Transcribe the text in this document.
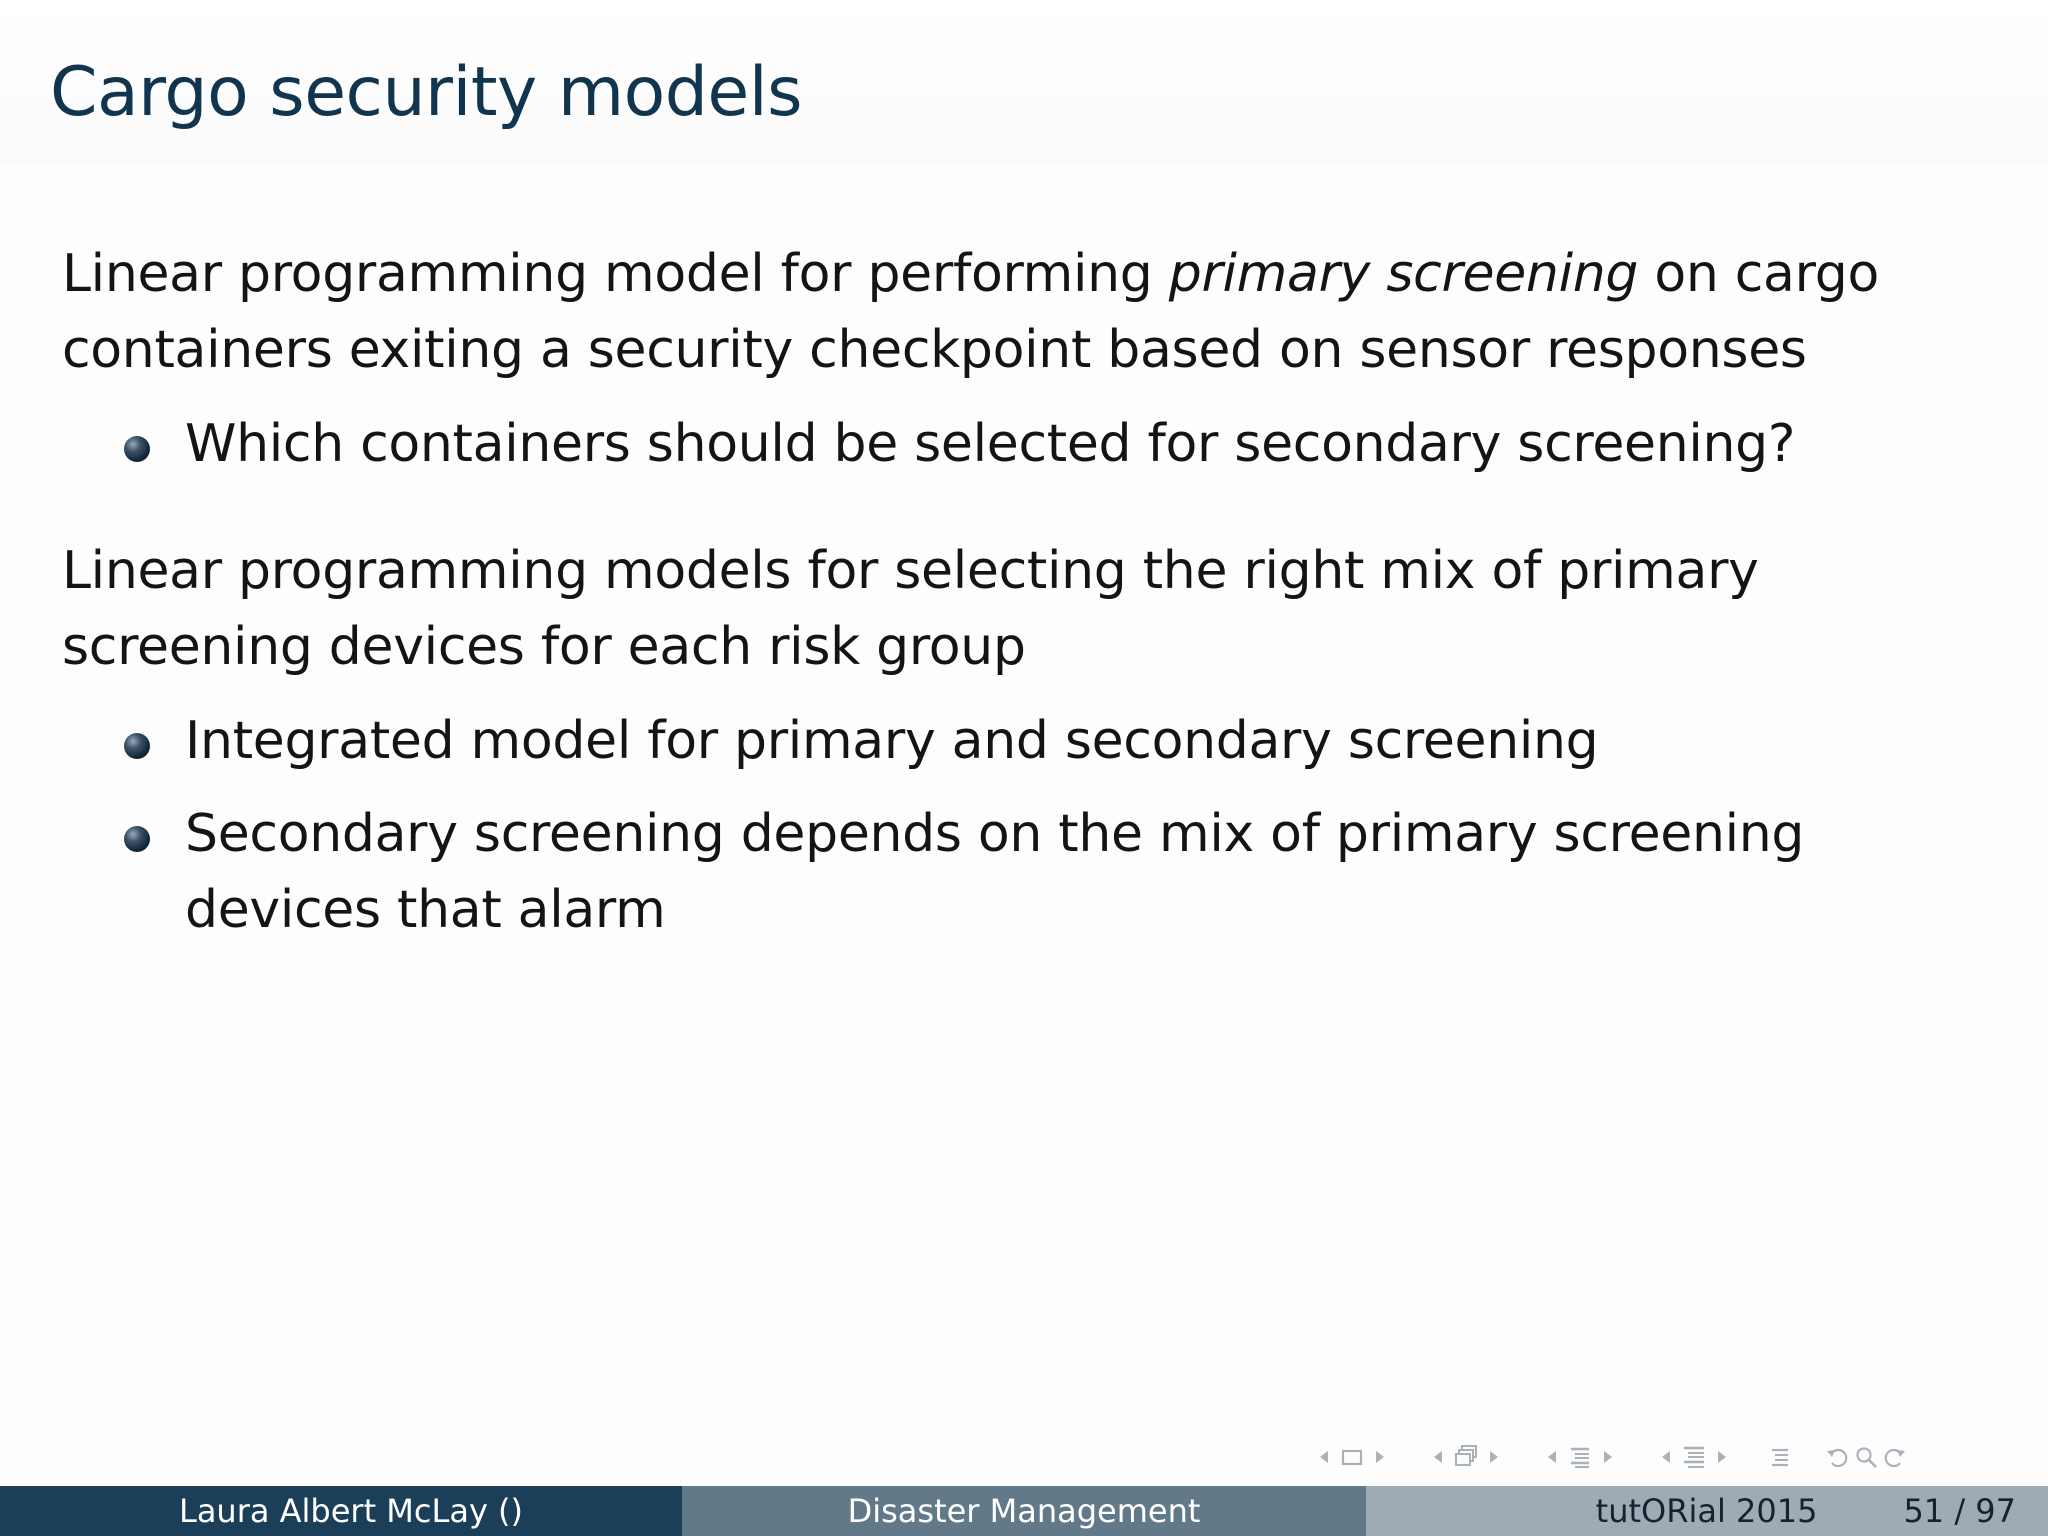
Cargo security models

Linear programming model for performing primary screening on cargo containers exiting a security checkpoint based on sensor responses

Which containers should be selected for secondary screening?

Linear programming models for selecting the right mix of primary screening devices for each risk group

Integrated model for primary and secondary screening
Secondary screening depends on the mix of primary screening devices that alarm
Laura Albert McLay ()	Disaster Management	tutORial 2015	51 / 97
